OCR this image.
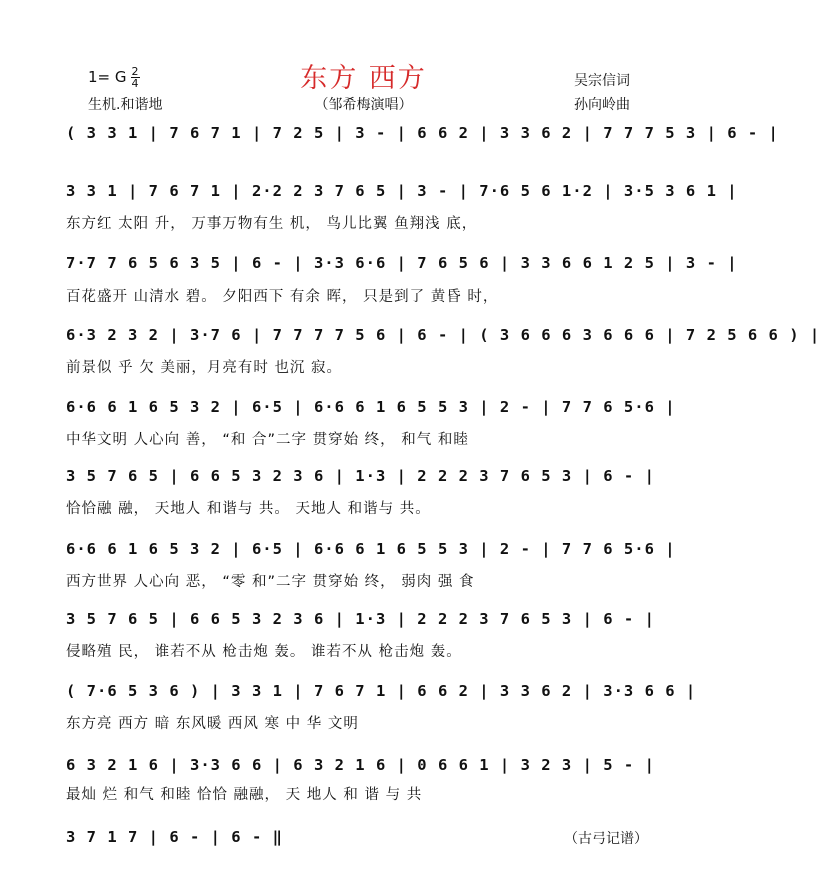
东方 西方
1= G $\frac{2}{4}$
生机.和谐地	（邹希梅演唱）
吴宗信词
孙向岭曲
( 3 3 1 | 7 6 7 1 | 7 2 5 | 3 - | 6 6 2 | 3 3 6 2 | 7 7 7 5 3 | 6 - |
3 3 1 | 7 6 7 1 | 2·2 2 3 7 6 5 | 3 - | 7·6 5 6 1·2 | 3·5 3 6 1 |
东方红 太阳 升， 万事万物有生 机， 鸟儿比翼 鱼翔浅 底，
7·7 7 6 5 6 3 5 | 6 - | 3·3 6·6 | 7 6 5 6 | 3 3 6 6 1 2 5 | 3 - |
百花盛开 山清水 碧。 夕阳西下 有余 晖， 只是到了 黄昏 时，
6·3 2 3 2 | 3·7 6 | 7 7 7 7 5 6 | 6 - | ( 3 6 6 6 3 6 6 6 | 7 2 5 6 6 ) |
前景似 乎 欠 美丽，月亮有时 也沉 寂。
6·6 6 1 6 5 3 2 | 6·5 | 6·6 6 1 6 5 5 3 | 2 - | 7 7 6 5·6 |
中华文明 人心向 善， “和 合”二字 贯穿始 终， 和气 和睦
3 5 7 6 5 | 6 6 5 3 2 3 6 | 1·3 | 2 2 2 3 7 6 5 3 | 6 - |
恰恰融 融， 天地人 和谐与 共。 天地人 和谐与 共。
6·6 6 1 6 5 3 2 | 6·5 | 6·6 6 1 6 5 5 3 | 2 - | 7 7 6 5·6 |
西方世界 人心向 恶， “零 和”二字 贯穿始 终， 弱肉 强 食
3 5 7 6 5 | 6 6 5 3 2 3 6 | 1·3 | 2 2 2 3 7 6 5 3 | 6 - |
侵略殖 民， 谁若不从 枪击炮 轰。 谁若不从 枪击炮 轰。
( 7·6 5 3 6 ) | 3 3 1 | 7 6 7 1 | 6 6 2 | 3 3 6 2 | 3·3 6 6 |
东方亮 西方 暗 东风暖 西风 寒 中 华 文明
6 3 2 1 6 | 3·3 6 6 | 6 3 2 1 6 | 0 6 6 1 | 3 2 3 | 5 - |
最灿 烂 和气 和睦 恰恰 融融， 天 地人 和 谐 与 共
3 7 1 7 | 6 - | 6 - ‖	（古弓记谱）
